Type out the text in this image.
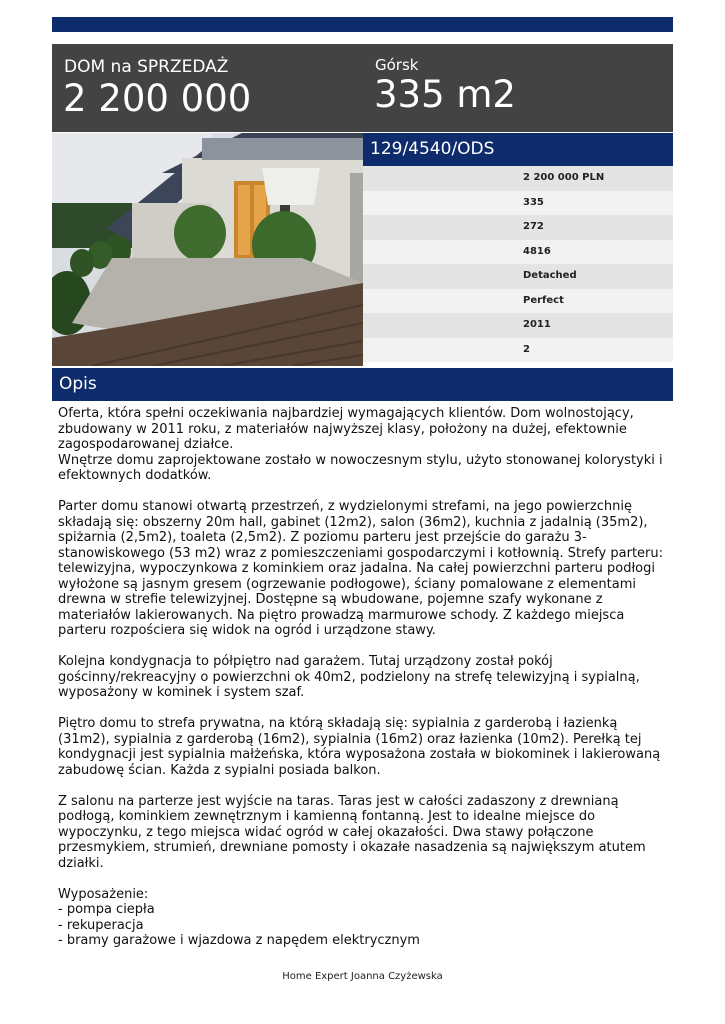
DOM na SPRZEDAŻ
2 200 000
Górsk
335 m2
129/4540/ODS
2 200 000 PLN
335
272
4816
Detached
Perfect
2011
2
Opis

Oferta, która spełni oczekiwania najbardziej wymagających klientów. Dom wolnostojący, zbudowany w 2011 roku, z materiałów najwyższej klasy, położony na dużej, efektownie zagospodarowanej działce.
Wnętrze domu zaprojektowane zostało w nowoczesnym stylu, użyto stonowanej kolorystyki i efektownych dodatków.

Parter domu stanowi otwartą przestrzeń, z wydzielonymi strefami, na jego powierzchnię składają się: obszerny 20m hall, gabinet (12m2), salon (36m2), kuchnia z jadalnią (35m2), spiżarnia (2,5m2), toaleta (2,5m2). Z poziomu parteru jest przejście do garażu 3-stanowiskowego (53 m2) wraz z pomieszczeniami gospodarczymi i kotłownią. Strefy parteru: telewizyjna, wypoczynkowa z kominkiem oraz jadalna. Na całej powierzchni parteru podłogi wyłożone są jasnym gresem (ogrzewanie podłogowe), ściany pomalowane z elementami drewna w strefie telewizyjnej. Dostępne są wbudowane, pojemne szafy wykonane z materiałów lakierowanych. Na piętro prowadzą marmurowe schody. Z każdego miejsca parteru rozpościera się widok na ogród i urządzone stawy.

Kolejna kondygnacja to półpiętro nad garażem. Tutaj urządzony został pokój gościnny/rekreacyjny o powierzchni ok 40m2, podzielony na strefę telewizyjną i sypialną, wyposażony w kominek i system szaf.

Piętro domu to strefa prywatna, na którą składają się: sypialnia z garderobą i łazienką (31m2), sypialnia z garderobą (16m2), sypialnia (16m2) oraz łazienka (10m2). Perełką tej kondygnacji jest sypialnia małżeńska, która wyposażona została w biokominek i lakierowaną zabudowę ścian. Każda z sypialni posiada balkon.

Z salonu na parterze jest wyjście na taras. Taras jest w całości zadaszony z drewnianą podłogą, kominkiem zewnętrznym i kamienną fontanną. Jest to idealne miejsce do wypoczynku, z tego miejsca widać ogród w całej okazałości. Dwa stawy połączone przesmykiem, strumień, drewniane pomosty i okazałe nasadzenia są największym atutem działki.

Wyposażenie:
- pompa ciepła
- rekuperacja
- bramy garażowe i wjazdowa z napędem elektrycznym

Home Expert Joanna Czyżewska
